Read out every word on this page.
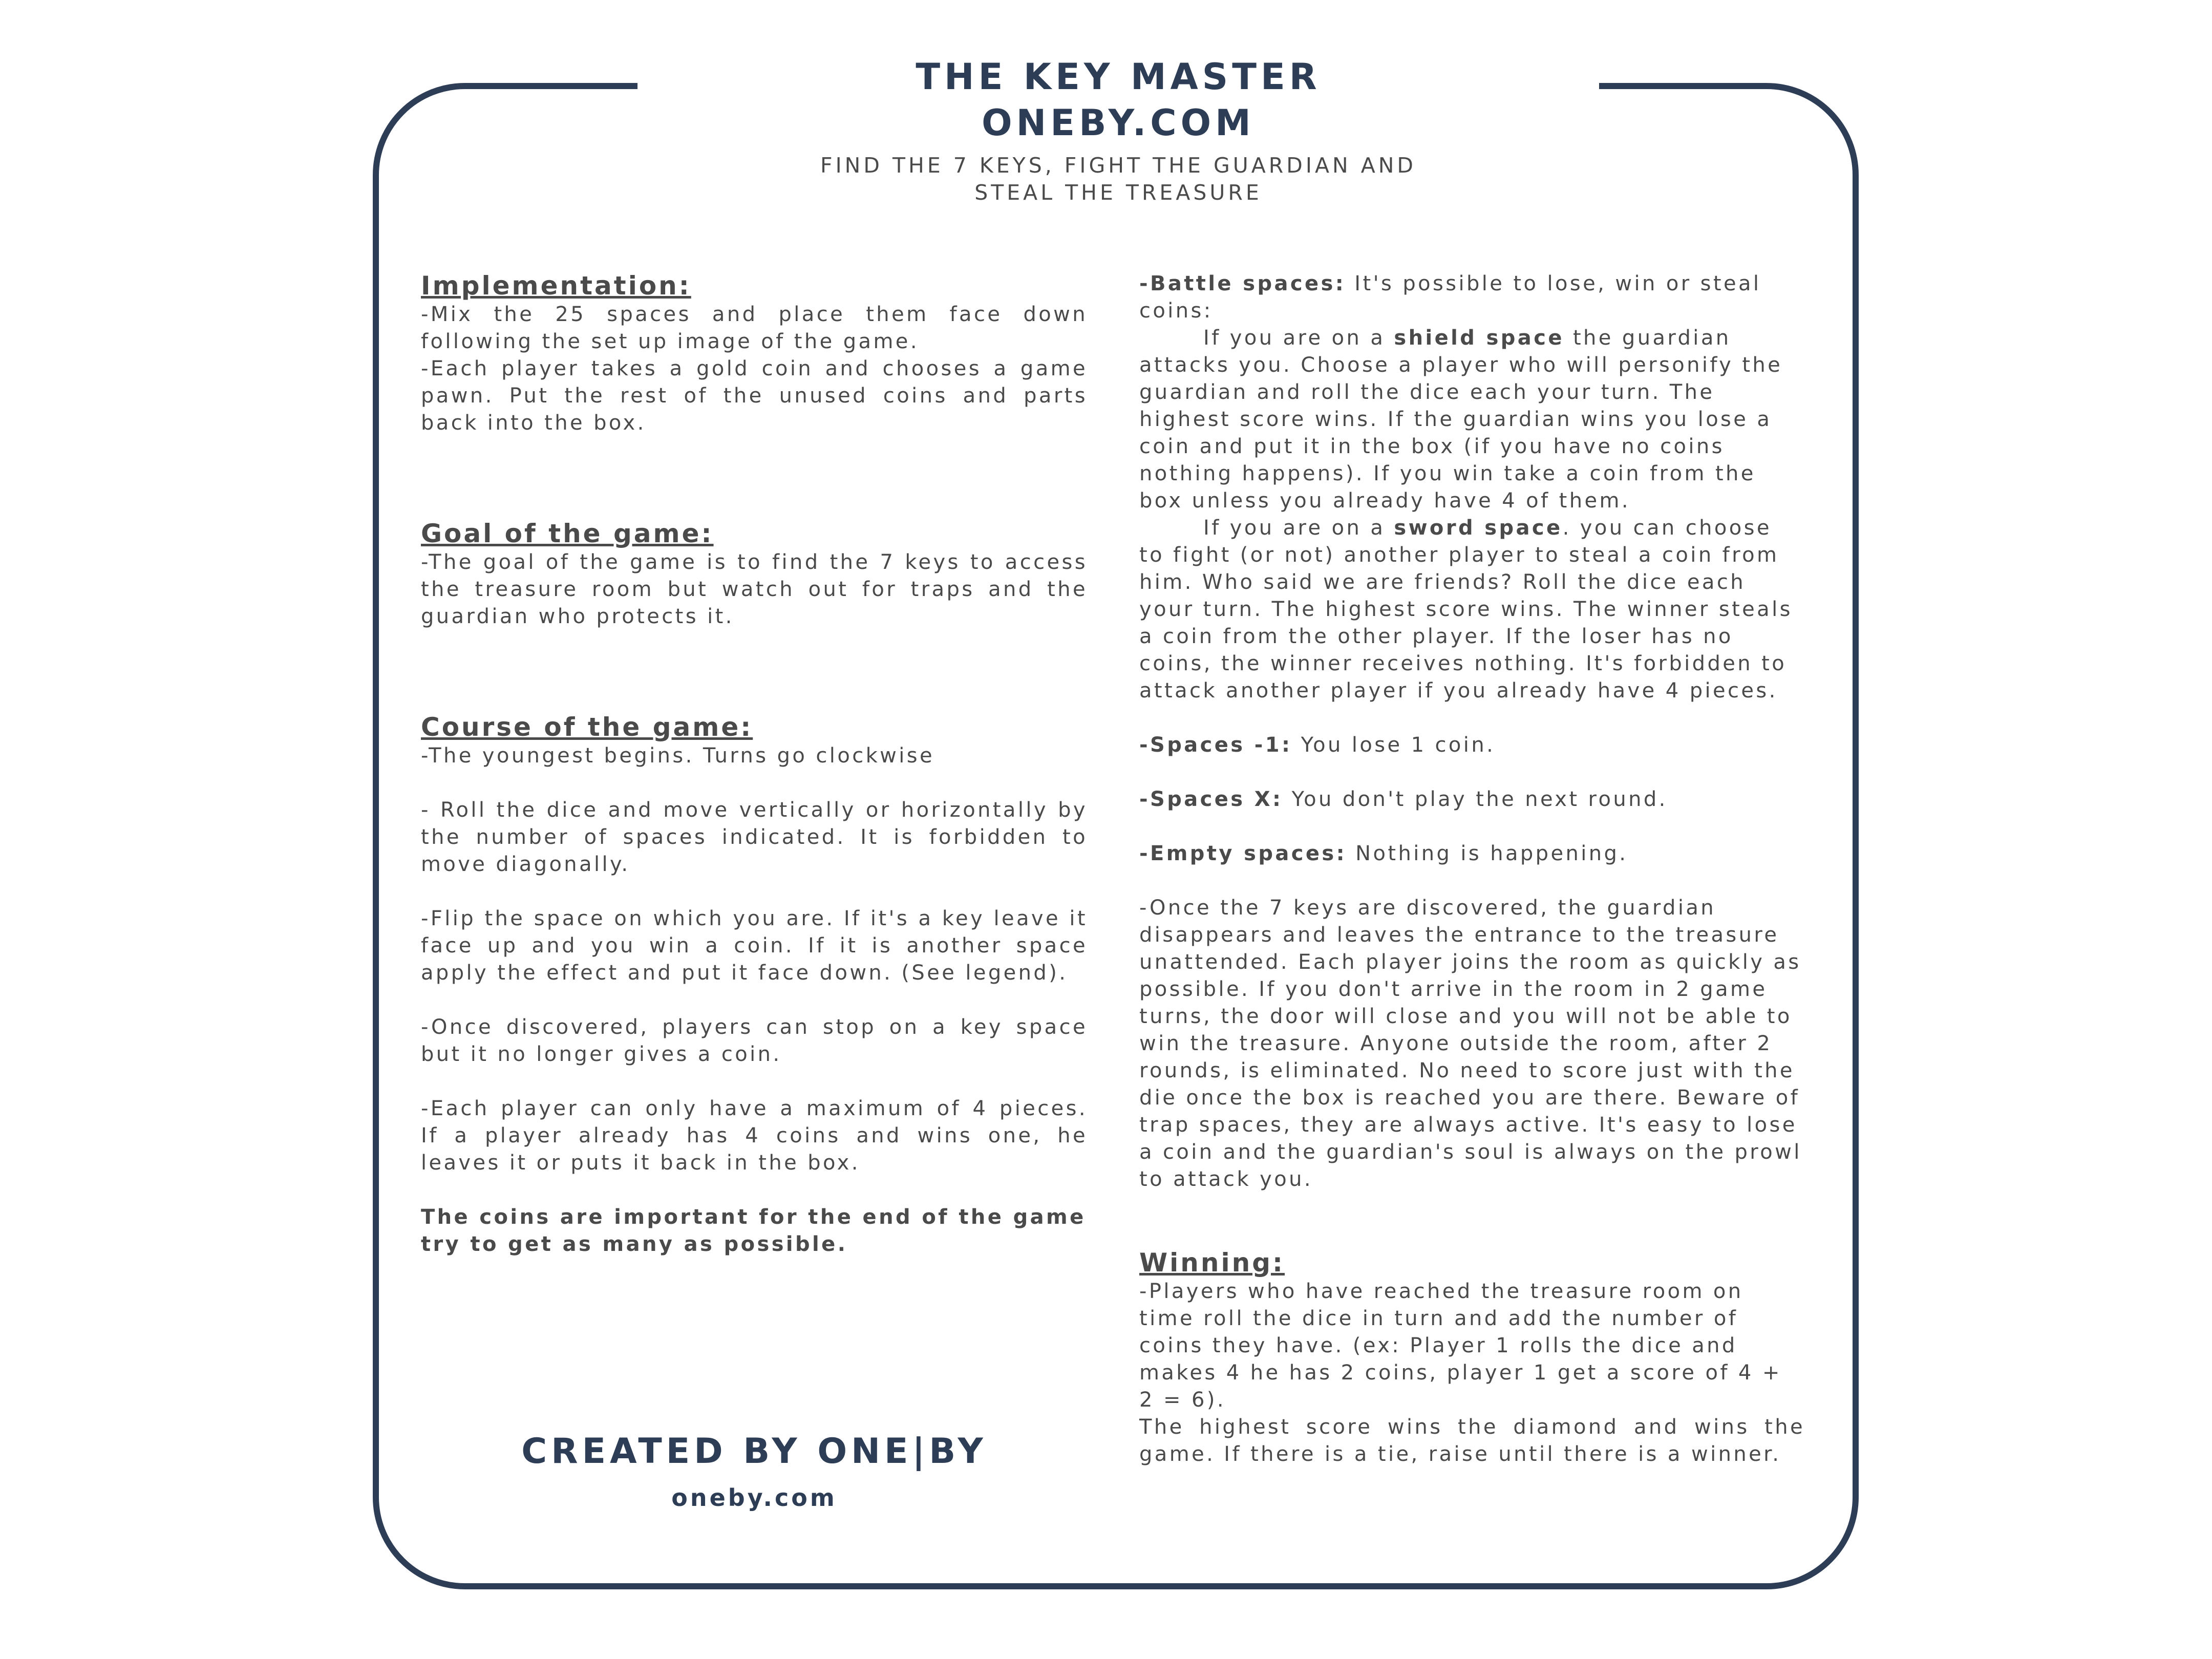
THE KEY MASTER
ONEBY.COM
FIND THE 7 KEYS, FIGHT THE GUARDIAN AND
STEAL THE TREASURE
Implementation:

-Mix the 25 spaces and place them face down following the set up image of the game.

-Each player takes a gold coin and chooses a game pawn. Put the rest of the unused coins and parts back into the box.

Goal of the game:

-The goal of the game is to find the 7 keys to access the treasure room but watch out for traps and the guardian who protects it.

Course of the game:

-The youngest begins. Turns go clockwise

- Roll the dice and move vertically or horizontally by the number of spaces indicated. It is forbidden to move diagonally.

-Flip the space on which you are. If it's a key leave it face up and you win a coin. If it is another space apply the effect and put it face down. (See legend).

-Once discovered, players can stop on a key space but it no longer gives a coin.

-Each player can only have a maximum of 4 pieces. If a player already has 4 coins and wins one, he leaves it or puts it back in the box.

The coins are important for the end of the game try to get as many as possible.

-Battle spaces: It's possible to lose, win or steal coins:

If you are on a shield space the guardian attacks you. Choose a player who will personify the guardian and roll the dice each your turn. The highest score wins. If the guardian wins you lose a coin and put it in the box (if you have no coins nothing happens). If you win take a coin from the box unless you already have 4 of them.

If you are on a sword space. you can choose to fight (or not) another player to steal a coin from him. Who said we are friends? Roll the dice each your turn. The highest score wins. The winner steals a coin from the other player. If the loser has no coins, the winner receives nothing. It's forbidden to attack another player if you already have 4 pieces.

-Spaces -1: You lose 1 coin.

-Spaces X: You don't play the next round.

-Empty spaces: Nothing is happening.

-Once the 7 keys are discovered, the guardian disappears and leaves the entrance to the treasure unattended. Each player joins the room as quickly as possible. If you don't arrive in the room in 2 game turns, the door will close and you will not be able to win the treasure. Anyone outside the room, after 2 rounds, is eliminated. No need to score just with the die once the box is reached you are there. Beware of trap spaces, they are always active. It's easy to lose a coin and the guardian's soul is always on the prowl to attack you.

Winning:

-Players who have reached the treasure room on time roll the dice in turn and add the number of coins they have. (ex: Player 1 rolls the dice and makes 4 he has 2 coins, player 1 get a score of 4 + 2 = 6).

The highest score wins the diamond and wins the game. If there is a tie, raise until there is a winner.

CREATED BY ONE|BY
oneby.com
